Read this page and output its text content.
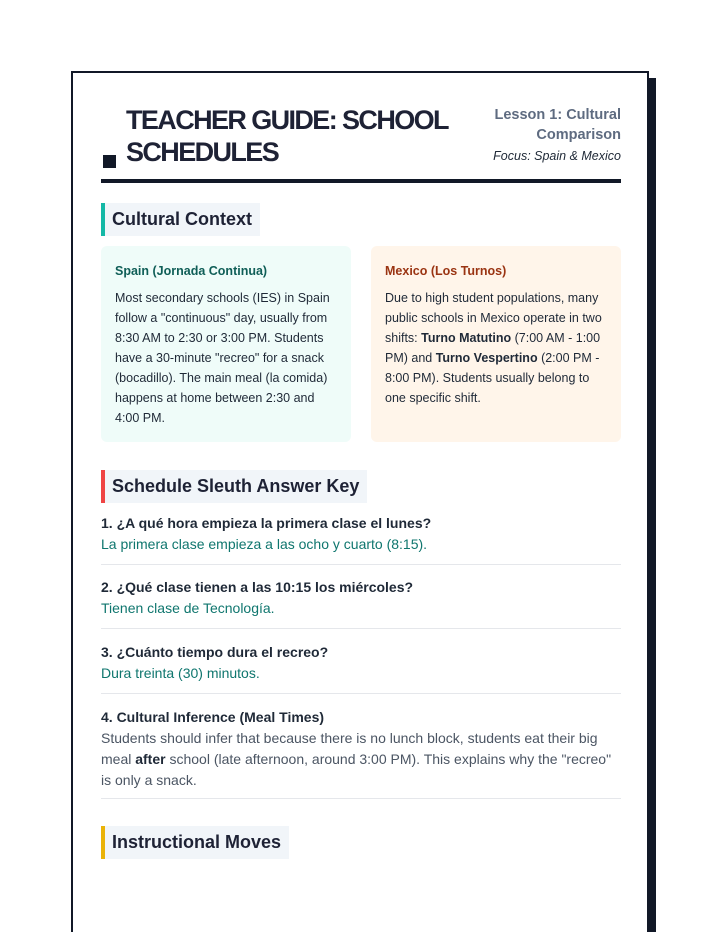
TEACHER GUIDE: SCHOOL SCHEDULES
Lesson 1: Cultural Comparison
Focus: Spain & Mexico
Cultural Context
Spain (Jornada Continua)
Most secondary schools (IES) in Spain follow a "continuous" day, usually from 8:30 AM to 2:30 or 3:00 PM. Students have a 30-minute "recreo" for a snack (bocadillo). The main meal (la comida) happens at home between 2:30 and 4:00 PM.
Mexico (Los Turnos)
Due to high student populations, many public schools in Mexico operate in two shifts: Turno Matutino (7:00 AM - 1:00 PM) and Turno Vespertino (2:00 PM - 8:00 PM). Students usually belong to one specific shift.
Schedule Sleuth Answer Key
1. ¿A qué hora empieza la primera clase el lunes?
La primera clase empieza a las ocho y cuarto (8:15).
2. ¿Qué clase tienen a las 10:15 los miércoles?
Tienen clase de Tecnología.
3. ¿Cuánto tiempo dura el recreo?
Dura treinta (30) minutos.
4. Cultural Inference (Meal Times)
Students should infer that because there is no lunch block, students eat their big meal after school (late afternoon, around 3:00 PM). This explains why the "recreo" is only a snack.
Instructional Moves
